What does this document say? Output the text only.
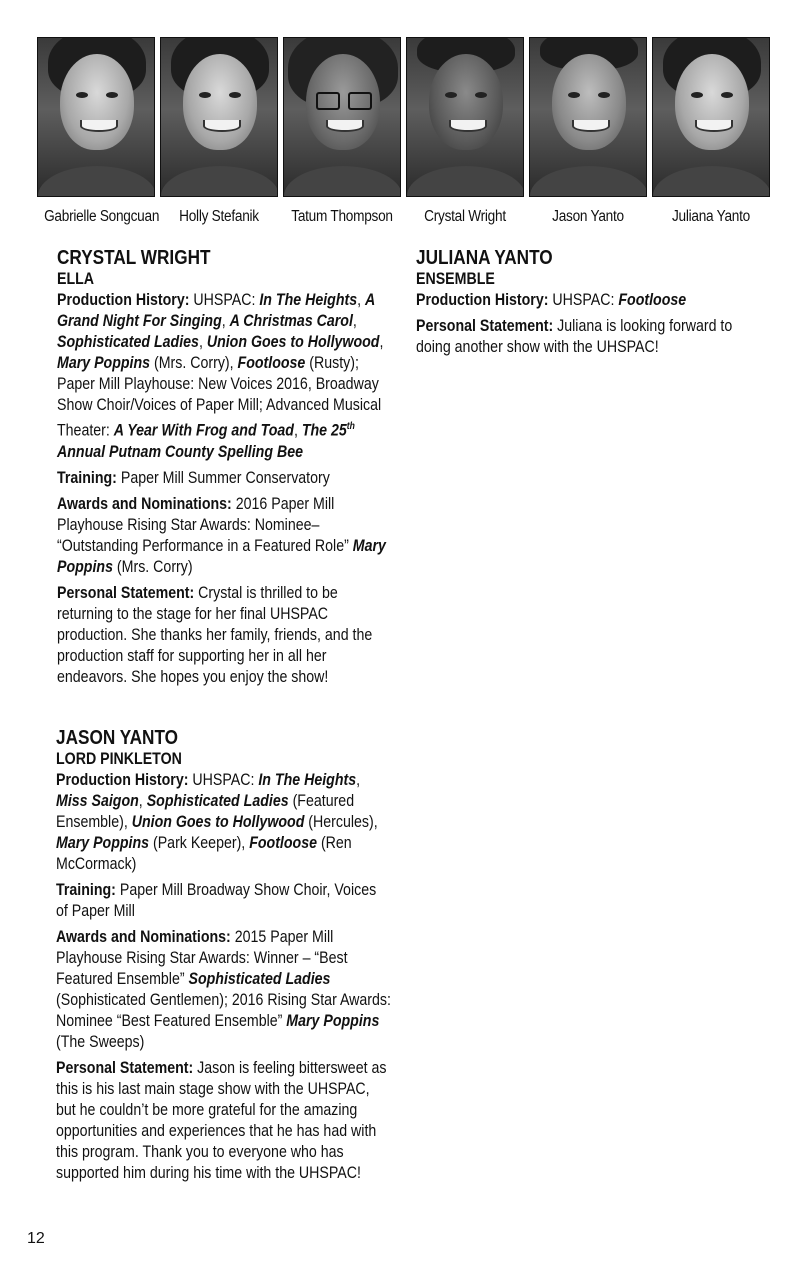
Gabrielle Songcuan	Holly Stefanik	Tatum Thompson	Crystal Wright	Jason Yanto	Juliana Yanto
CRYSTAL WRIGHT
ELLA

Production History: UHSPAC: In The Heights, A Grand Night For Singing, A Christmas Carol, Sophisticated Ladies, Union Goes to Hollywood, Mary Poppins (Mrs. Corry), Footloose (Rusty); Paper Mill Playhouse: New Voices 2016, Broadway Show Choir/Voices of Paper Mill; Advanced Musical Theater: A Year With Frog and Toad, The 25th Annual Putnam County Spelling Bee

Training: Paper Mill Summer Conservatory

Awards and Nominations: 2016 Paper Mill Playhouse Rising Star Awards: Nominee– “Outstanding Performance in a Featured Role” Mary Poppins (Mrs. Corry)

Personal Statement: Crystal is thrilled to be returning to the stage for her final UHSPAC production. She thanks her family, friends, and the production staff for supporting her in all her endeavors. She hopes you enjoy the show!

JASON YANTO
LORD PINKLETON

Production History: UHSPAC: In The Heights, Miss Saigon, Sophisticated Ladies (Featured Ensemble), Union Goes to Hollywood (Hercules), Mary Poppins (Park Keeper), Footloose (Ren McCormack)

Training: Paper Mill Broadway Show Choir, Voices of Paper Mill

Awards and Nominations: 2015 Paper Mill Playhouse Rising Star Awards: Winner – “Best Featured Ensemble” Sophisticated Ladies (Sophisticated Gentlemen); 2016 Rising Star Awards: Nominee “Best Featured Ensemble” Mary Poppins (The Sweeps)

Personal Statement: Jason is feeling bittersweet as this is his last main stage show with the UHSPAC, but he couldn’t be more grateful for the amazing opportunities and experiences that he has had with this program. Thank you to everyone who has supported him during his time with the UHSPAC!

JULIANA YANTO
ENSEMBLE

Production History: UHSPAC: Footloose

Personal Statement: Juliana is looking forward to doing another show with the UHSPAC!

12
